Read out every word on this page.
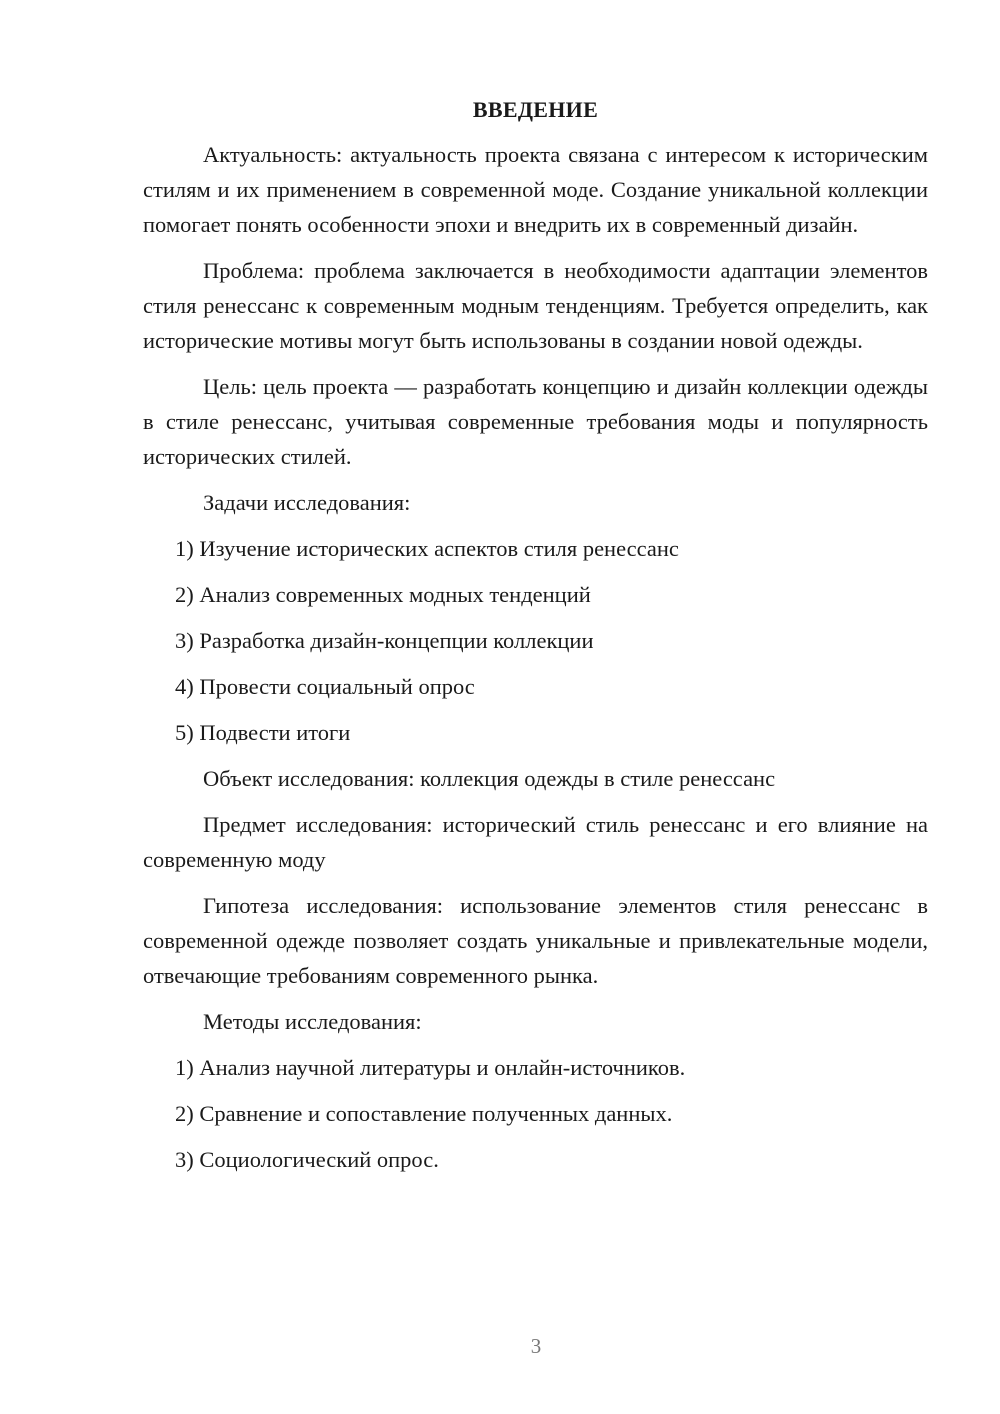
ВВЕДЕНИЕ

Актуальность: актуальность проекта связана с интересом к историческим стилям и их применением в современной моде. Создание уникальной коллекции помогает понять особенности эпохи и внедрить их в современный дизайн.

Проблема: проблема заключается в необходимости адаптации элементов стиля ренессанс к современным модным тенденциям. Требуется определить, как исторические мотивы могут быть использованы в создании новой одежды.

Цель: цель проекта — разработать концепцию и дизайн коллекции одежды в стиле ренессанс, учитывая современные требования моды и популярность исторических стилей.

Задачи исследования:

1) Изучение исторических аспектов стиля ренессанс
2) Анализ современных модных тенденций
3) Разработка дизайн-концепции коллекции
4) Провести социальный опрос
5) Подвести итоги

Объект исследования: коллекция одежды в стиле ренессанс

Предмет исследования: исторический стиль ренессанс и его влияние на современную моду

Гипотеза исследования: использование элементов стиля ренессанс в современной одежде позволяет создать уникальные и привлекательные модели, отвечающие требованиям современного рынка.

Методы исследования:

1) Анализ научной литературы и онлайн-источников.
2) Сравнение и сопоставление полученных данных.
3) Социологический опрос.
3
